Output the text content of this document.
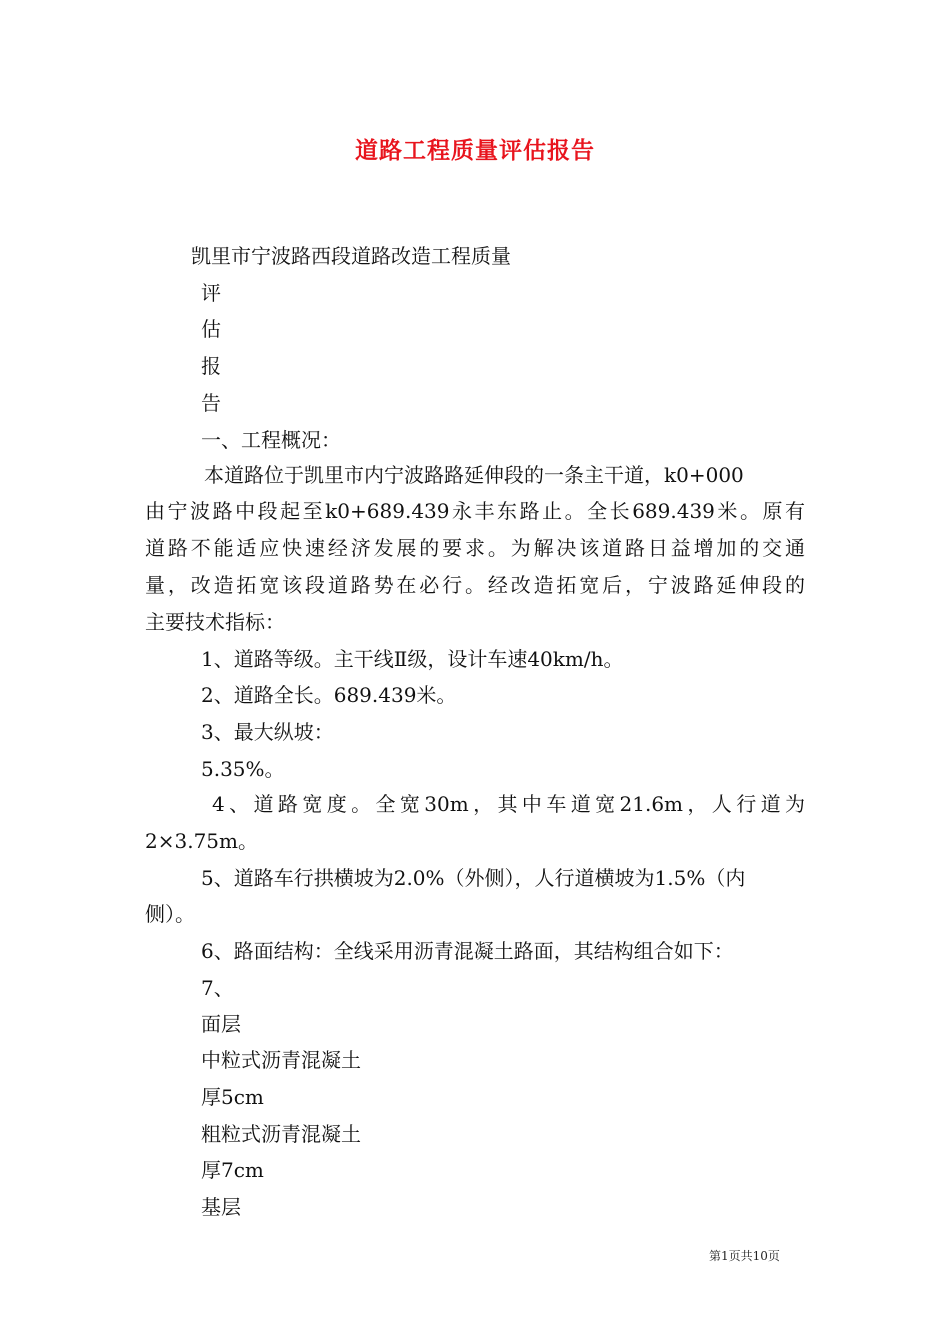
道路工程质量评估报告
凯里市宁波路西段道路改造工程质量
评
估
报
告
一、工程概况：
本道路位于凯里市内宁波路路延伸段的一条主干道，k0+000
由宁波路中段起至k0+689.439永丰东路止。全长689.439米。原有
道路不能适应快速经济发展的要求。为解决该道路日益增加的交通
量，改造拓宽该段道路势在必行。经改造拓宽后，宁波路延伸段的
主要技术指标：
1、道路等级。主干线Ⅱ级，设计车速40km/h。
2、道路全长。689.439米。
3、最大纵坡：
5.35%。
4、道路宽度。全宽30m，其中车道宽21.6m，人行道为
2×3.75m。
5、道路车行拱横坡为2.0%（外侧），人行道横坡为1.5%（内
侧）。
6、路面结构：全线采用沥青混凝土路面，其结构组合如下：
7、
面层
中粒式沥青混凝土
厚5cm
粗粒式沥青混凝土
厚7cm
基层
第1页共10页
